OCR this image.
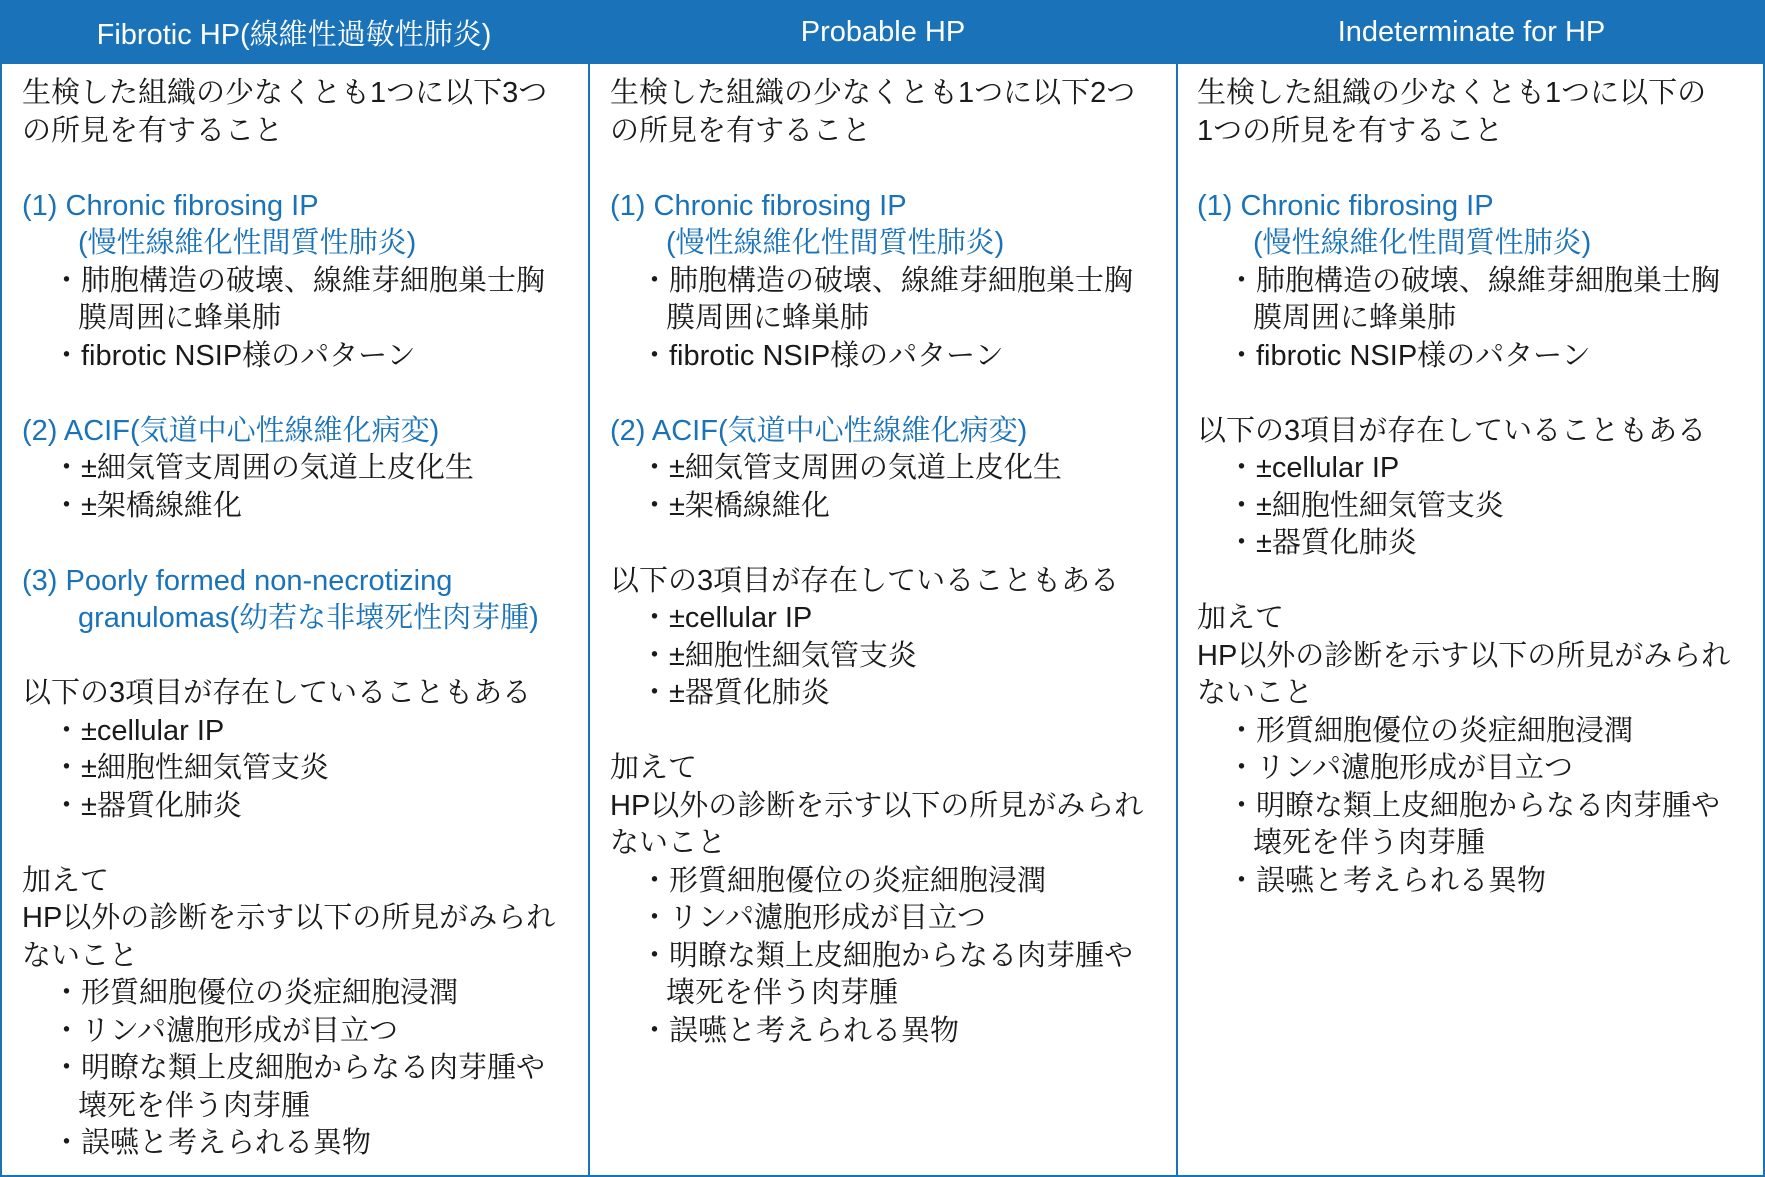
Fibrotic HP(線維性過敏性肺炎)	Probable HP	Indeterminate for HP

生検した組織の少なくとも1つに以下3つ

の所見を有すること

(1) Chronic fibrosing IP

(慢性線維化性間質性肺炎)

・肺胞構造の破壊、線維芽細胞巣士胸

膜周囲に蜂巣肺

・fibrotic NSIP様のパターン

(2) ACIF(気道中心性線維化病変)

・±細気管支周囲の気道上皮化生

・±架橋線維化

(3) Poorly formed non-necrotizing

granulomas(幼若な非壊死性肉芽腫)

以下の3項目が存在していることもある

・±cellular IP

・±細胞性細気管支炎

・±器質化肺炎

加えて

HP以外の診断を示す以下の所見がみられ

ないこと

・形質細胞優位の炎症細胞浸潤

・リンパ濾胞形成が目立つ

・明瞭な類上皮細胞からなる肉芽腫や

壊死を伴う肉芽腫

・誤嚥と考えられる異物

生検した組織の少なくとも1つに以下2つ

の所見を有すること

(1) Chronic fibrosing IP

(慢性線維化性間質性肺炎)

・肺胞構造の破壊、線維芽細胞巣士胸

膜周囲に蜂巣肺

・fibrotic NSIP様のパターン

(2) ACIF(気道中心性線維化病変)

・±細気管支周囲の気道上皮化生

・±架橋線維化

以下の3項目が存在していることもある

・±cellular IP

・±細胞性細気管支炎

・±器質化肺炎

加えて

HP以外の診断を示す以下の所見がみられ

ないこと

・形質細胞優位の炎症細胞浸潤

・リンパ濾胞形成が目立つ

・明瞭な類上皮細胞からなる肉芽腫や

壊死を伴う肉芽腫

・誤嚥と考えられる異物

生検した組織の少なくとも1つに以下の

1つの所見を有すること

(1) Chronic fibrosing IP

(慢性線維化性間質性肺炎)

・肺胞構造の破壊、線維芽細胞巣士胸

膜周囲に蜂巣肺

・fibrotic NSIP様のパターン

以下の3項目が存在していることもある

・±cellular IP

・±細胞性細気管支炎

・±器質化肺炎

加えて

HP以外の診断を示す以下の所見がみられ

ないこと

・形質細胞優位の炎症細胞浸潤

・リンパ濾胞形成が目立つ

・明瞭な類上皮細胞からなる肉芽腫や

壊死を伴う肉芽腫

・誤嚥と考えられる異物
